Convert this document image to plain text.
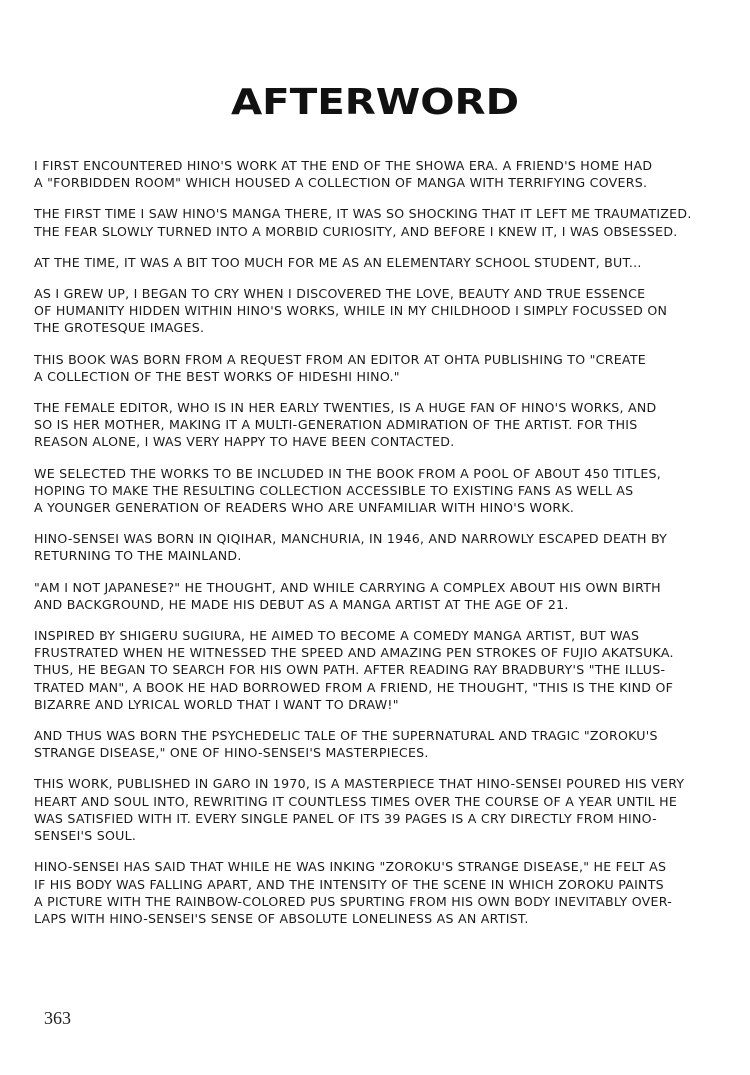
AFTERWORD

I FIRST ENCOUNTERED HINO'S WORK AT THE END OF THE SHOWA ERA. A FRIEND'S HOME HAD
A "FORBIDDEN ROOM" WHICH HOUSED A COLLECTION OF MANGA WITH TERRIFYING COVERS.

THE FIRST TIME I SAW HINO'S MANGA THERE, IT WAS SO SHOCKING THAT IT LEFT ME TRAUMATIZED.
THE FEAR SLOWLY TURNED INTO A MORBID CURIOSITY, AND BEFORE I KNEW IT, I WAS OBSESSED.

AT THE TIME, IT WAS A BIT TOO MUCH FOR ME AS AN ELEMENTARY SCHOOL STUDENT, BUT...

AS I GREW UP, I BEGAN TO CRY WHEN I DISCOVERED THE LOVE, BEAUTY AND TRUE ESSENCE
OF HUMANITY HIDDEN WITHIN HINO'S WORKS, WHILE IN MY CHILDHOOD I SIMPLY FOCUSSED ON
THE GROTESQUE IMAGES.

THIS BOOK WAS BORN FROM A REQUEST FROM AN EDITOR AT OHTA PUBLISHING TO "CREATE
A COLLECTION OF THE BEST WORKS OF HIDESHI HINO."

THE FEMALE EDITOR, WHO IS IN HER EARLY TWENTIES, IS A HUGE FAN OF HINO'S WORKS, AND
SO IS HER MOTHER, MAKING IT A MULTI-GENERATION ADMIRATION OF THE ARTIST. FOR THIS
REASON ALONE, I WAS VERY HAPPY TO HAVE BEEN CONTACTED.

WE SELECTED THE WORKS TO BE INCLUDED IN THE BOOK FROM A POOL OF ABOUT 450 TITLES,
HOPING TO MAKE THE RESULTING COLLECTION ACCESSIBLE TO EXISTING FANS AS WELL AS
A YOUNGER GENERATION OF READERS WHO ARE UNFAMILIAR WITH HINO'S WORK.

HINO-SENSEI WAS BORN IN QIQIHAR, MANCHURIA, IN 1946, AND NARROWLY ESCAPED DEATH BY
RETURNING TO THE MAINLAND.

"AM I NOT JAPANESE?" HE THOUGHT, AND WHILE CARRYING A COMPLEX ABOUT HIS OWN BIRTH
AND BACKGROUND, HE MADE HIS DEBUT AS A MANGA ARTIST AT THE AGE OF 21.

INSPIRED BY SHIGERU SUGIURA, HE AIMED TO BECOME A COMEDY MANGA ARTIST, BUT WAS
FRUSTRATED WHEN HE WITNESSED THE SPEED AND AMAZING PEN STROKES OF FUJIO AKATSUKA.
THUS, HE BEGAN TO SEARCH FOR HIS OWN PATH. AFTER READING RAY BRADBURY'S "THE ILLUS-
TRATED MAN", A BOOK HE HAD BORROWED FROM A FRIEND, HE THOUGHT, "THIS IS THE KIND OF
BIZARRE AND LYRICAL WORLD THAT I WANT TO DRAW!"

AND THUS WAS BORN THE PSYCHEDELIC TALE OF THE SUPERNATURAL AND TRAGIC "ZOROKU'S
STRANGE DISEASE," ONE OF HINO-SENSEI'S MASTERPIECES.

THIS WORK, PUBLISHED IN GARO IN 1970, IS A MASTERPIECE THAT HINO-SENSEI POURED HIS VERY
HEART AND SOUL INTO, REWRITING IT COUNTLESS TIMES OVER THE COURSE OF A YEAR UNTIL HE
WAS SATISFIED WITH IT. EVERY SINGLE PANEL OF ITS 39 PAGES IS A CRY DIRECTLY FROM HINO-
SENSEI'S SOUL.

HINO-SENSEI HAS SAID THAT WHILE HE WAS INKING "ZOROKU'S STRANGE DISEASE," HE FELT AS
IF HIS BODY WAS FALLING APART, AND THE INTENSITY OF THE SCENE IN WHICH ZOROKU PAINTS
A PICTURE WITH THE RAINBOW-COLORED PUS SPURTING FROM HIS OWN BODY INEVITABLY OVER-
LAPS WITH HINO-SENSEI'S SENSE OF ABSOLUTE LONELINESS AS AN ARTIST.

363
